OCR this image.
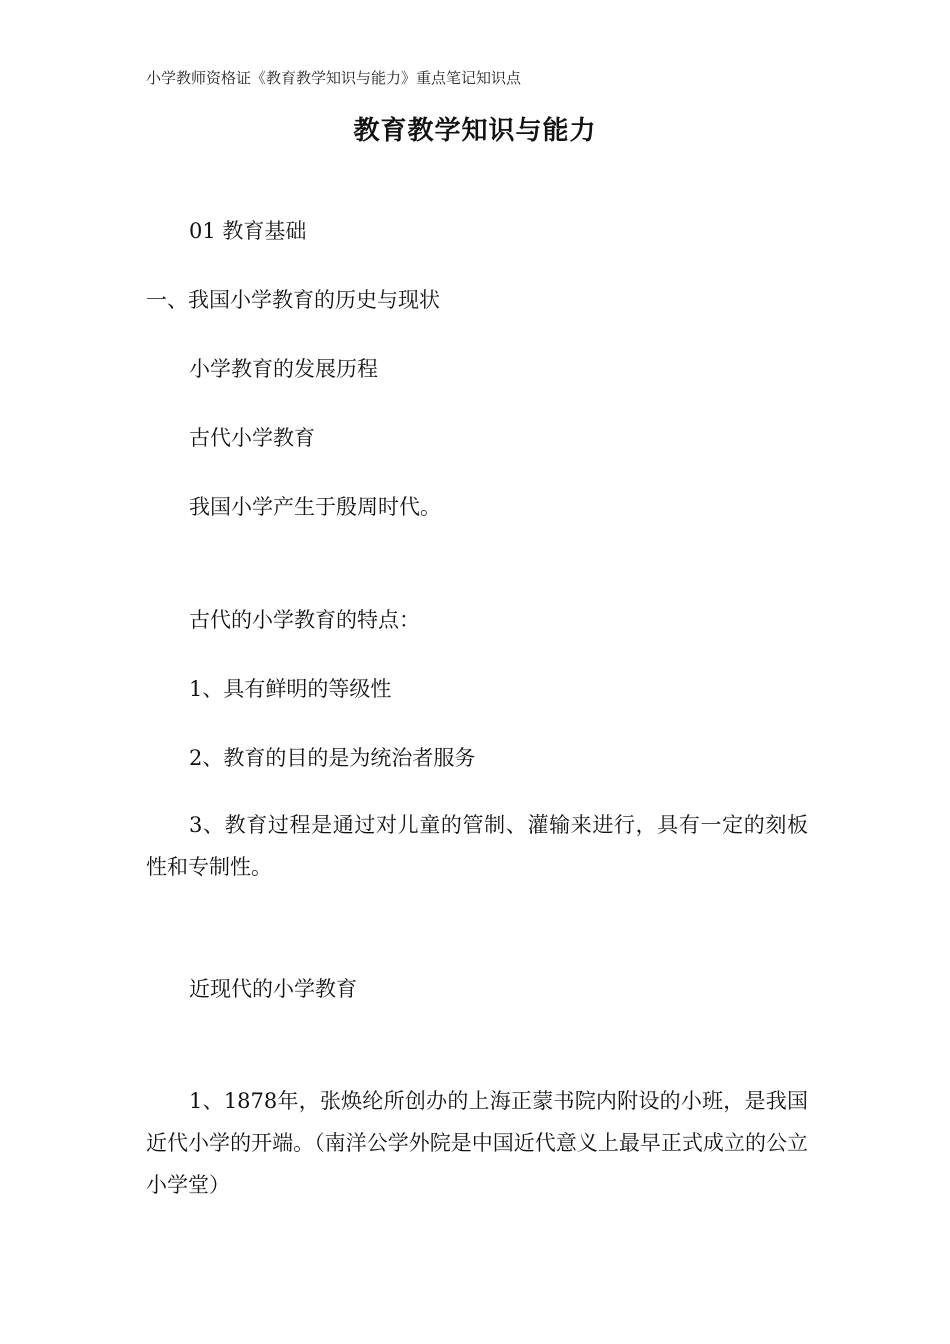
小学教师资格证《教育教学知识与能力》重点笔记知识点
教育教学知识与能力
01 教育基础
一、我国小学教育的历史与现状
小学教育的发展历程
古代小学教育
我国小学产生于殷周时代。
古代的小学教育的特点：
1、具有鲜明的等级性
2、教育的目的是为统治者服务

3、教育过程是通过对儿童的管制、灌输来进行，具有一定的刻板性和专制性。

近现代的小学教育

1、1878年，张焕纶所创办的上海正蒙书院内附设的小班，是我国近代小学的开端。（南洋公学外院是中国近代意义上最早正式成立的公立小学堂）
